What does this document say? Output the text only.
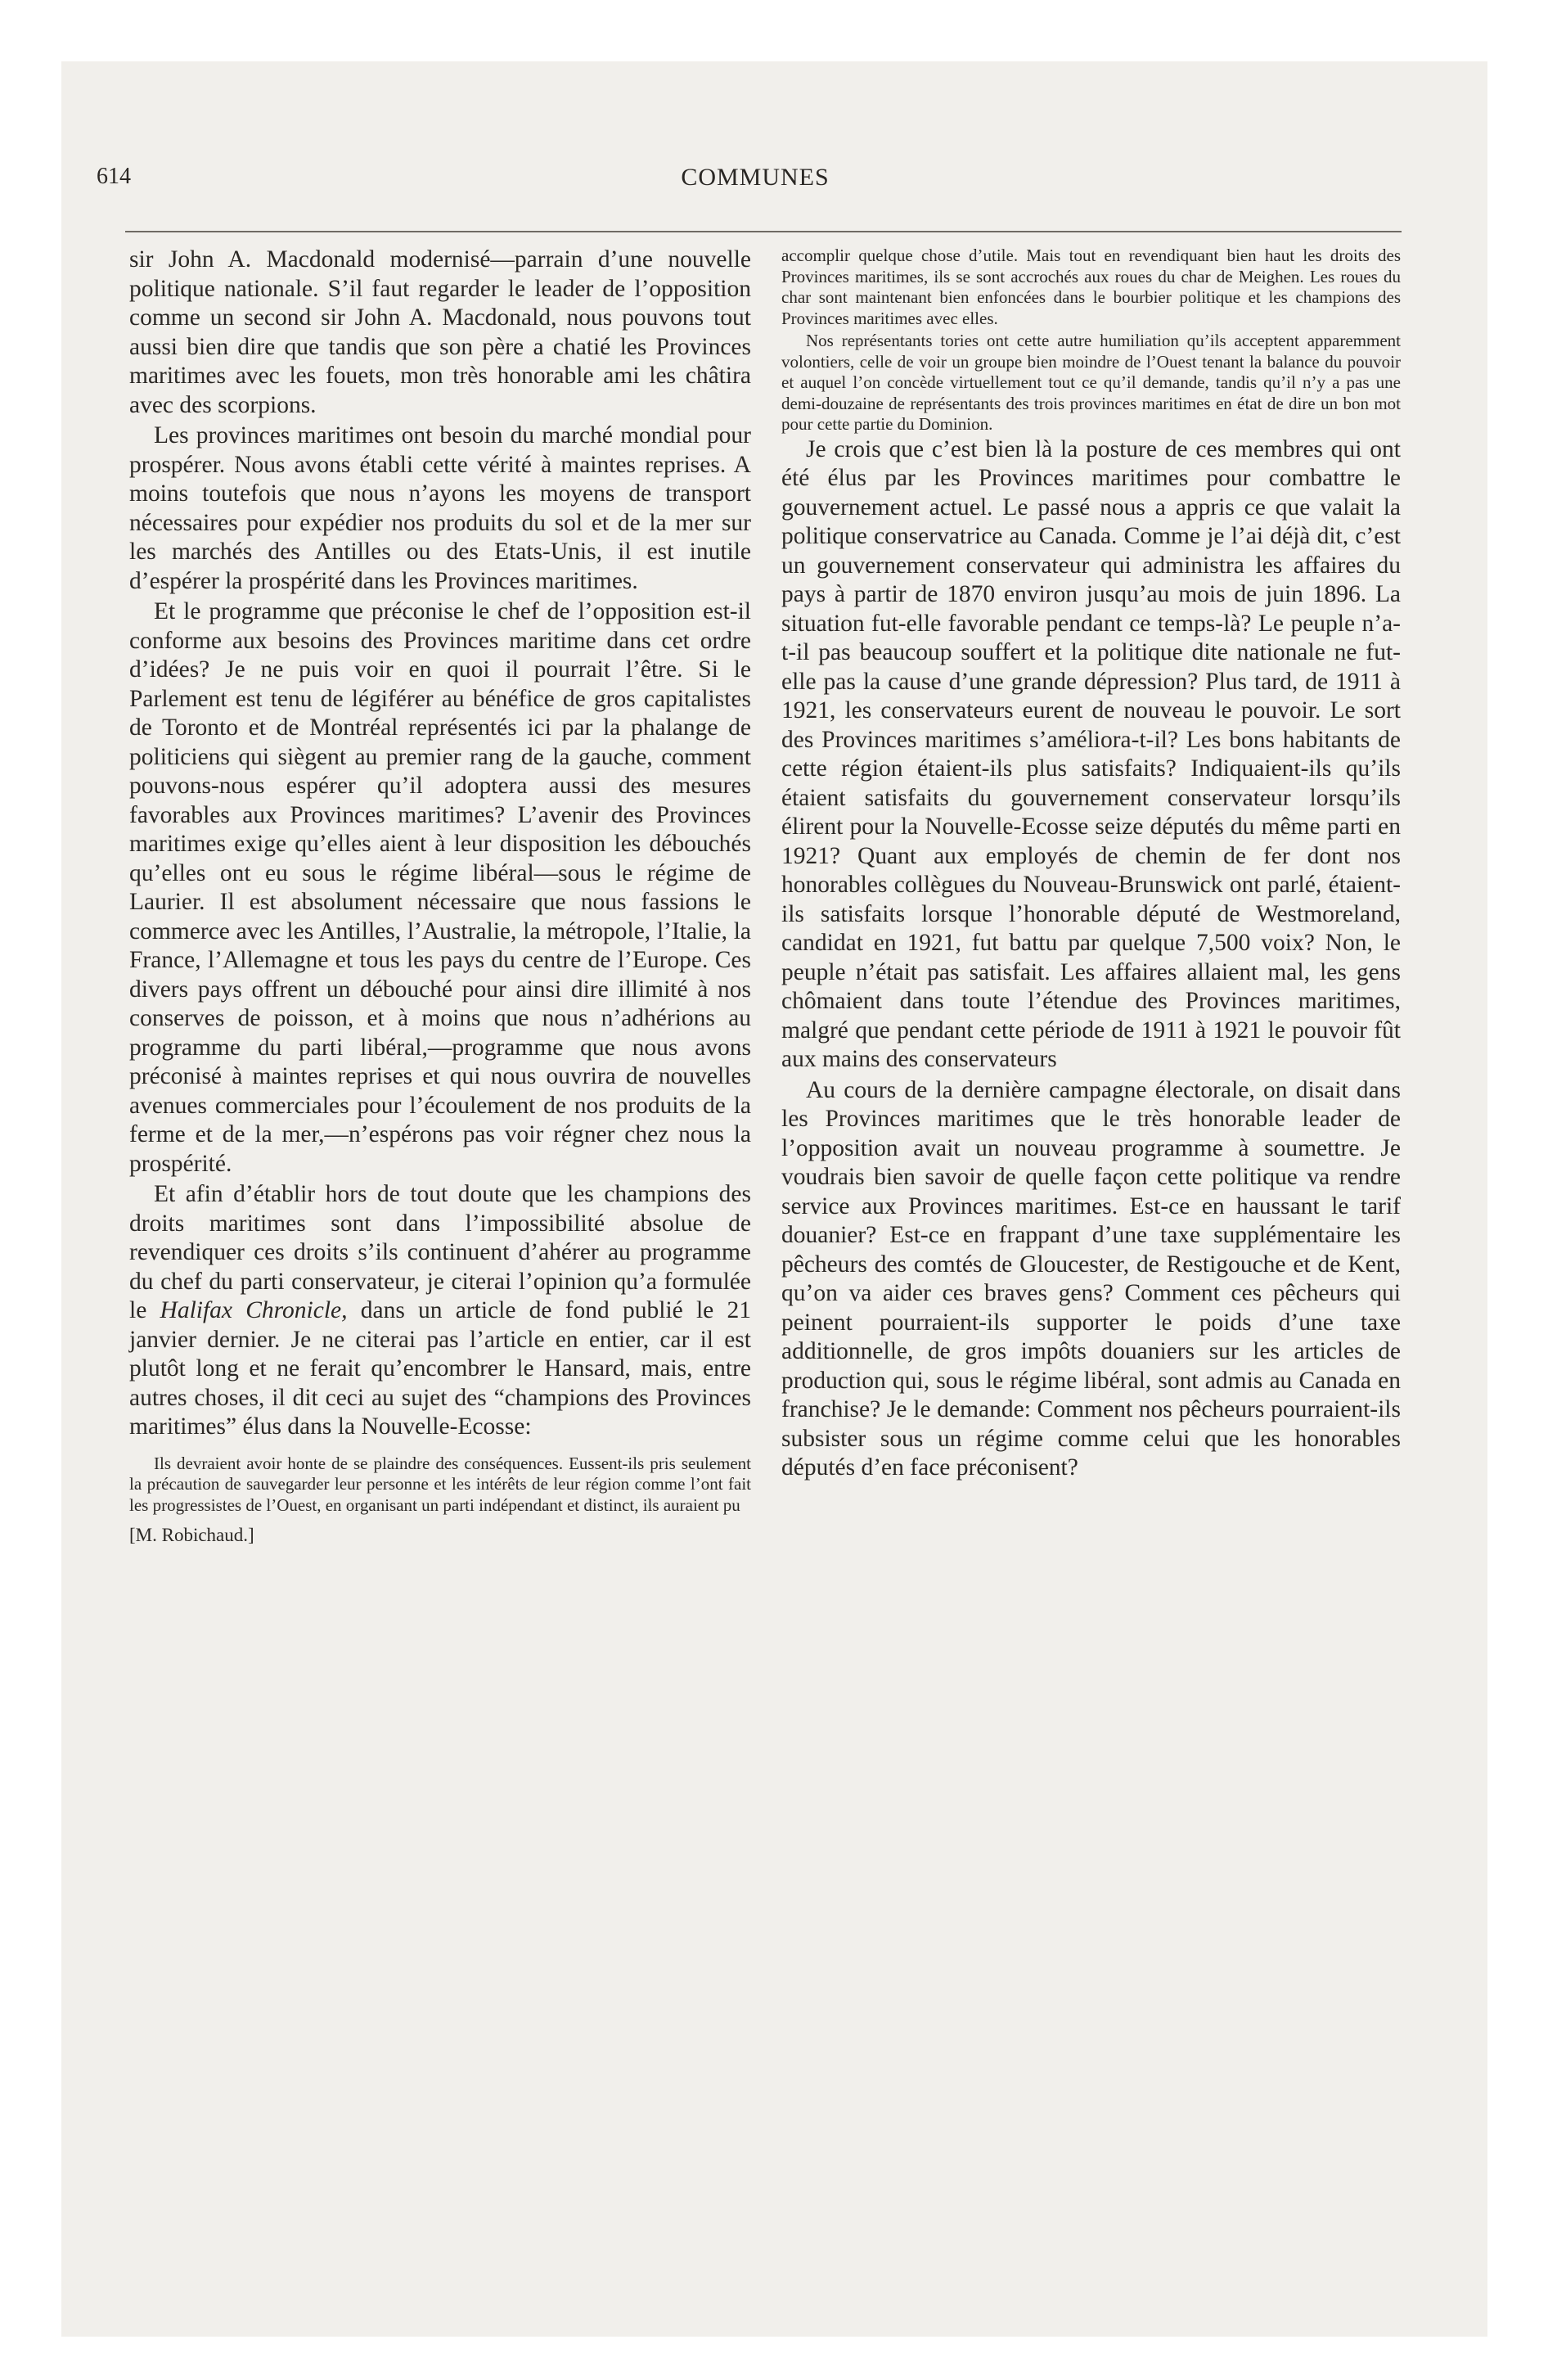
614	COMMUNES

sir John A. Macdonald modernisé—parrain d’une nouvelle politique nationale. S’il faut regarder le leader de l’opposition comme un second sir John A. Macdonald, nous pouvons tout aussi bien dire que tandis que son père a chatié les Provinces maritimes avec les fouets, mon très honorable ami les châtira avec des scorpions.

Les provinces maritimes ont besoin du marché mondial pour prospérer. Nous avons établi cette vérité à maintes reprises. A moins toutefois que nous n’ayons les moyens de transport nécessaires pour expédier nos produits du sol et de la mer sur les marchés des Antilles ou des Etats-Unis, il est inutile d’espérer la prospérité dans les Provinces maritimes.

Et le programme que préconise le chef de l’opposition est-il conforme aux besoins des Provinces maritime dans cet ordre d’idées? Je ne puis voir en quoi il pourrait l’être. Si le Parlement est tenu de légiférer au bénéfice de gros capitalistes de Toronto et de Montréal représentés ici par la phalange de politiciens qui siègent au premier rang de la gauche, comment pouvons-nous espérer qu’il adoptera aussi des mesures favorables aux Provinces maritimes? L’avenir des Provinces maritimes exige qu’elles aient à leur disposition les débouchés qu’elles ont eu sous le régime libéral—sous le régime de Laurier. Il est absolument nécessaire que nous fassions le commerce avec les Antilles, l’Australie, la métropole, l’Italie, la France, l’Allemagne et tous les pays du centre de l’Europe. Ces divers pays offrent un débouché pour ainsi dire illimité à nos conserves de poisson, et à moins que nous n’adhérions au programme du parti libéral,—programme que nous avons préconisé à maintes reprises et qui nous ouvrira de nouvelles avenues commerciales pour l’écoulement de nos produits de la ferme et de la mer,—n’espérons pas voir régner chez nous la prospérité.

Et afin d’établir hors de tout doute que les champions des droits maritimes sont dans l’impossibilité absolue de revendiquer ces droits s’ils continuent d’ahérer au programme du chef du parti conservateur, je citerai l’opinion qu’a formulée le Halifax Chronicle, dans un article de fond publié le 21 janvier dernier. Je ne citerai pas l’article en entier, car il est plutôt long et ne ferait qu’encombrer le Hansard, mais, entre autres choses, il dit ceci au sujet des “champions des Provinces maritimes” élus dans la Nouvelle-Ecosse:

Ils devraient avoir honte de se plaindre des conséquences. Eussent-ils pris seulement la précaution de sauvegarder leur personne et les intérêts de leur région comme l’ont fait les progressistes de l’Ouest, en organisant un parti indépendant et distinct, ils auraient pu

[M. Robichaud.]

accomplir quelque chose d’utile. Mais tout en revendiquant bien haut les droits des Provinces maritimes, ils se sont accrochés aux roues du char de Meighen. Les roues du char sont maintenant bien enfoncées dans le bourbier politique et les champions des Provinces maritimes avec elles.

Nos représentants tories ont cette autre humiliation qu’ils acceptent apparemment volontiers, celle de voir un groupe bien moindre de l’Ouest tenant la balance du pouvoir et auquel l’on concède virtuellement tout ce qu’il demande, tandis qu’il n’y a pas une demi-douzaine de représentants des trois provinces maritimes en état de dire un bon mot pour cette partie du Dominion.

Je crois que c’est bien là la posture de ces membres qui ont été élus par les Provinces maritimes pour combattre le gouvernement actuel. Le passé nous a appris ce que valait la politique conservatrice au Canada. Comme je l’ai déjà dit, c’est un gouvernement conservateur qui administra les affaires du pays à partir de 1870 environ jusqu’au mois de juin 1896. La situation fut-elle favorable pendant ce temps-là? Le peuple n’a-t-il pas beaucoup souffert et la politique dite nationale ne fut-elle pas la cause d’une grande dépression? Plus tard, de 1911 à 1921, les conservateurs eurent de nouveau le pouvoir. Le sort des Provinces maritimes s’améliora-t-il? Les bons habitants de cette région étaient-ils plus satisfaits? Indiquaient-ils qu’ils étaient satisfaits du gouvernement conservateur lorsqu’ils élirent pour la Nouvelle-Ecosse seize députés du même parti en 1921? Quant aux employés de chemin de fer dont nos honorables collègues du Nouveau-Brunswick ont parlé, étaient-ils satisfaits lorsque l’honorable député de Westmoreland, candidat en 1921, fut battu par quelque 7,500 voix? Non, le peuple n’était pas satisfait. Les affaires allaient mal, les gens chômaient dans toute l’étendue des Provinces maritimes, malgré que pendant cette période de 1911 à 1921 le pouvoir fût aux mains des conservateurs

Au cours de la dernière campagne électorale, on disait dans les Provinces maritimes que le très honorable leader de l’opposition avait un nouveau programme à soumettre. Je voudrais bien savoir de quelle façon cette politique va rendre service aux Provinces maritimes. Est-ce en haussant le tarif douanier? Est-ce en frappant d’une taxe supplémentaire les pêcheurs des comtés de Gloucester, de Restigouche et de Kent, qu’on va aider ces braves gens? Comment ces pêcheurs qui peinent pourraient-ils supporter le poids d’une taxe additionnelle, de gros impôts douaniers sur les articles de production qui, sous le régime libéral, sont admis au Canada en franchise? Je le demande: Comment nos pêcheurs pourraient-ils subsister sous un régime comme celui que les honorables députés d’en face préconisent?
